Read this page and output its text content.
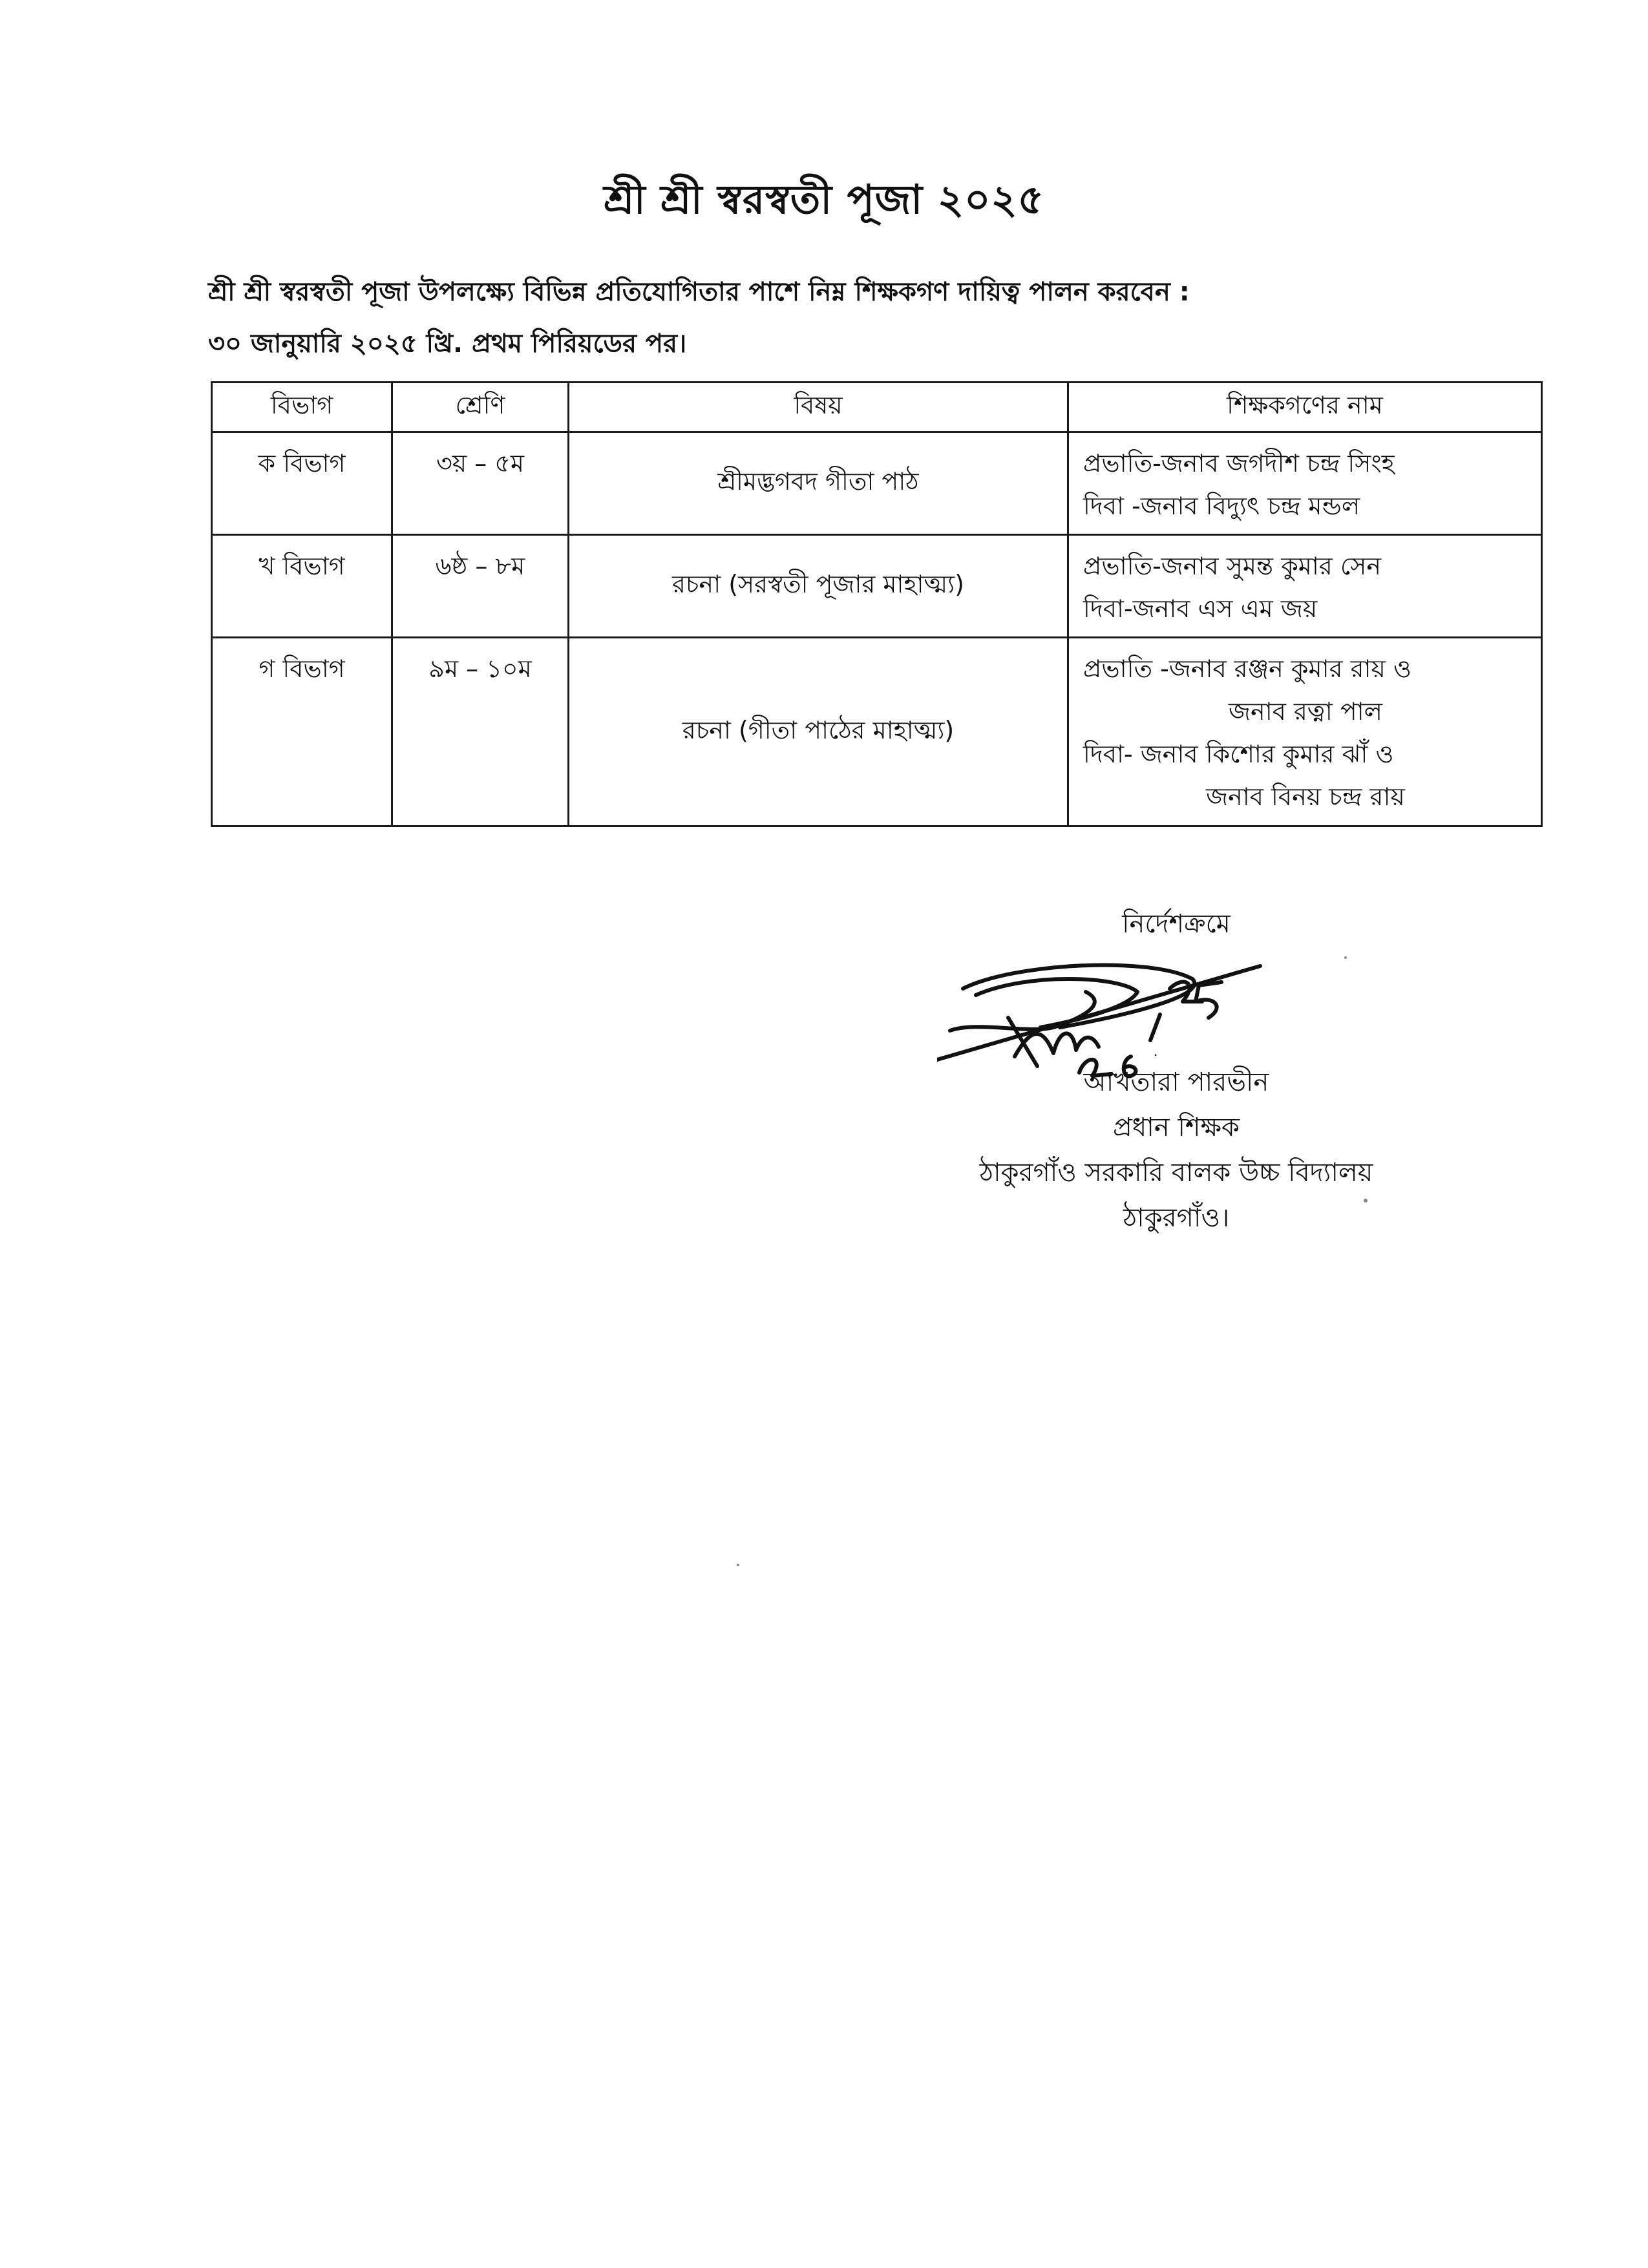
শ্রী শ্রী স্বরস্বতী পূজা ২০২৫
শ্রী শ্রী স্বরস্বতী পূজা উপলক্ষ্যে বিভিন্ন প্রতিযোগিতার পাশে নিম্ন শিক্ষকগণ দায়িত্ব পালন করবেন :
৩০ জানুয়ারি ২০২৫ খ্রি. প্রথম পিরিয়ডের পর।
বিভাগ	শ্রেণি	বিষয়	শিক্ষকগণের নাম
ক বিভাগ	৩য় – ৫ম	শ্রীমদ্ভগবদ গীতা পাঠ	প্রভাতি-জনাব জগদীশ চন্দ্র সিংহ
দিবা -জনাব বিদ্যুৎ চন্দ্র মন্ডল

খ বিভাগ	৬ষ্ঠ – ৮ম	রচনা (সরস্বতী পূজার মাহাত্ম্য)	প্রভাতি-জনাব সুমন্ত কুমার সেন
দিবা-জনাব এস এম জয়

গ বিভাগ	৯ম – ১০ম	রচনা (গীতা পাঠের মাহাত্ম্য)	প্রভাতি -জনাব রঞ্জন কুমার রায় ও
জনাব রত্না পাল
দিবা- জনাব কিশোর কুমার ঝাঁ ও
জনাব বিনয় চন্দ্র রায়
নির্দেশক্রমে
·
আখতারা পারভীন
প্রধান শিক্ষক
ঠাকুরগাঁও সরকারি বালক উচ্চ বিদ্যালয়
ঠাকুরগাঁও।
